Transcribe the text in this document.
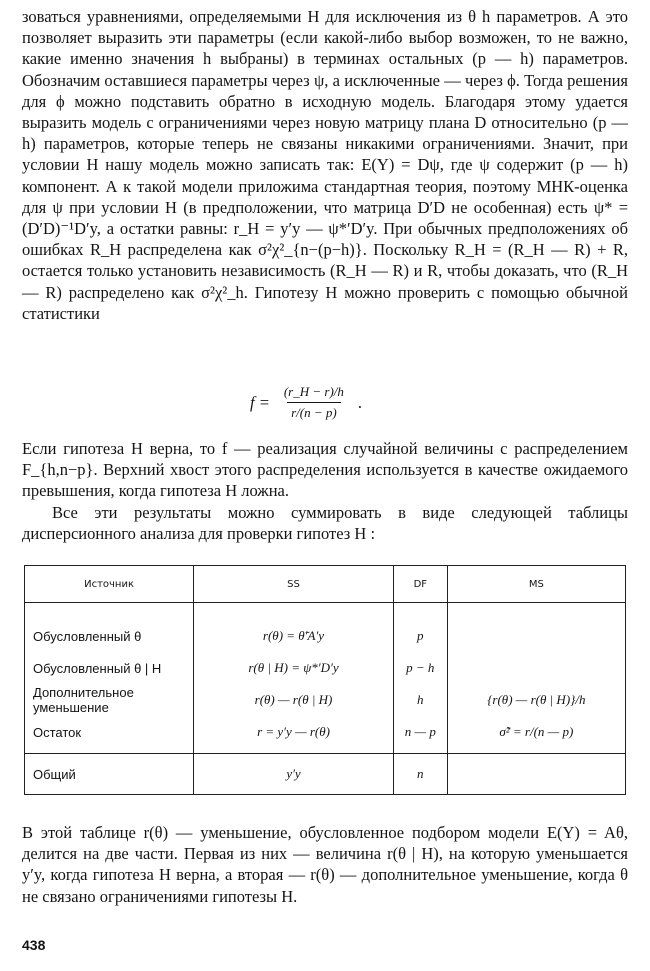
зоваться уравнениями, определяемыми H для исключения из θ h параметров. А это позволяет выразить эти параметры (если какой-либо выбор возможен, то не важно, какие именно значения h выбраны) в терминах остальных (p — h) параметров. Обозначим оставшиеся параметры через ψ, а исключенные — через ϕ. Тогда решения для ϕ можно подставить обратно в исходную модель. Благодаря этому удается выразить модель с ограничениями через новую матрицу плана D относительно (p — h) параметров, которые теперь не связаны никакими ограничениями. Значит, при условии H нашу модель можно записать так: E(Y) = Dψ, где ψ содержит (p — h) компонент. А к такой модели приложима стандартная теория, поэтому МНК-оценка для ψ при условии H (в предположении, что матрица D′D не особенная) есть ψ* = (D′D)⁻¹D′y, а остатки равны: r_H = y′y — ψ*′D′y. При обычных предположениях об ошибках R_H распределена как σ²χ²_{n−(p−h)}. Поскольку R_H = (R_H — R) + R, остается только установить независимость (R_H — R) и R, чтобы доказать, что (R_H — R) распределено как σ²χ²_h. Гипотезу H можно проверить с помощью обычной статистики

$f = \frac{(r\_H - r)/h}{r/(n - p)}$ .

Если гипотеза H верна, то f — реализация случайной величины с распределением F_{h,n−p}. Верхний хвост этого распределения используется в качестве ожидаемого превышения, когда гипотеза H ложна.

Все эти результаты можно суммировать в виде следующей таблицы дисперсионного анализа для проверки гипотез H :

Источник	SS	DF	MS
Обусловленный θ	r(θ) = θ̃′A′y	p	
Обусловленный θ | H	r(θ | H) = ψ*′D′y	p − h	
Дополнительное уменьшение	r(θ) — r(θ | H)	h	{r(θ) — r(θ | H)}/h
Остаток	r = y′y — r(θ)	n — p	σ̃² = r/(n — p)
Общий	y′y	n	

В этой таблице r(θ) — уменьшение, обусловленное подбором модели E(Y) = Aθ, делится на две части. Первая из них — величина r(θ | H), на которую уменьшается y′y, когда гипотеза H верна, а вторая — r(θ) — дополнительное уменьшение, когда θ не связано ограничениями гипотезы H.

438
